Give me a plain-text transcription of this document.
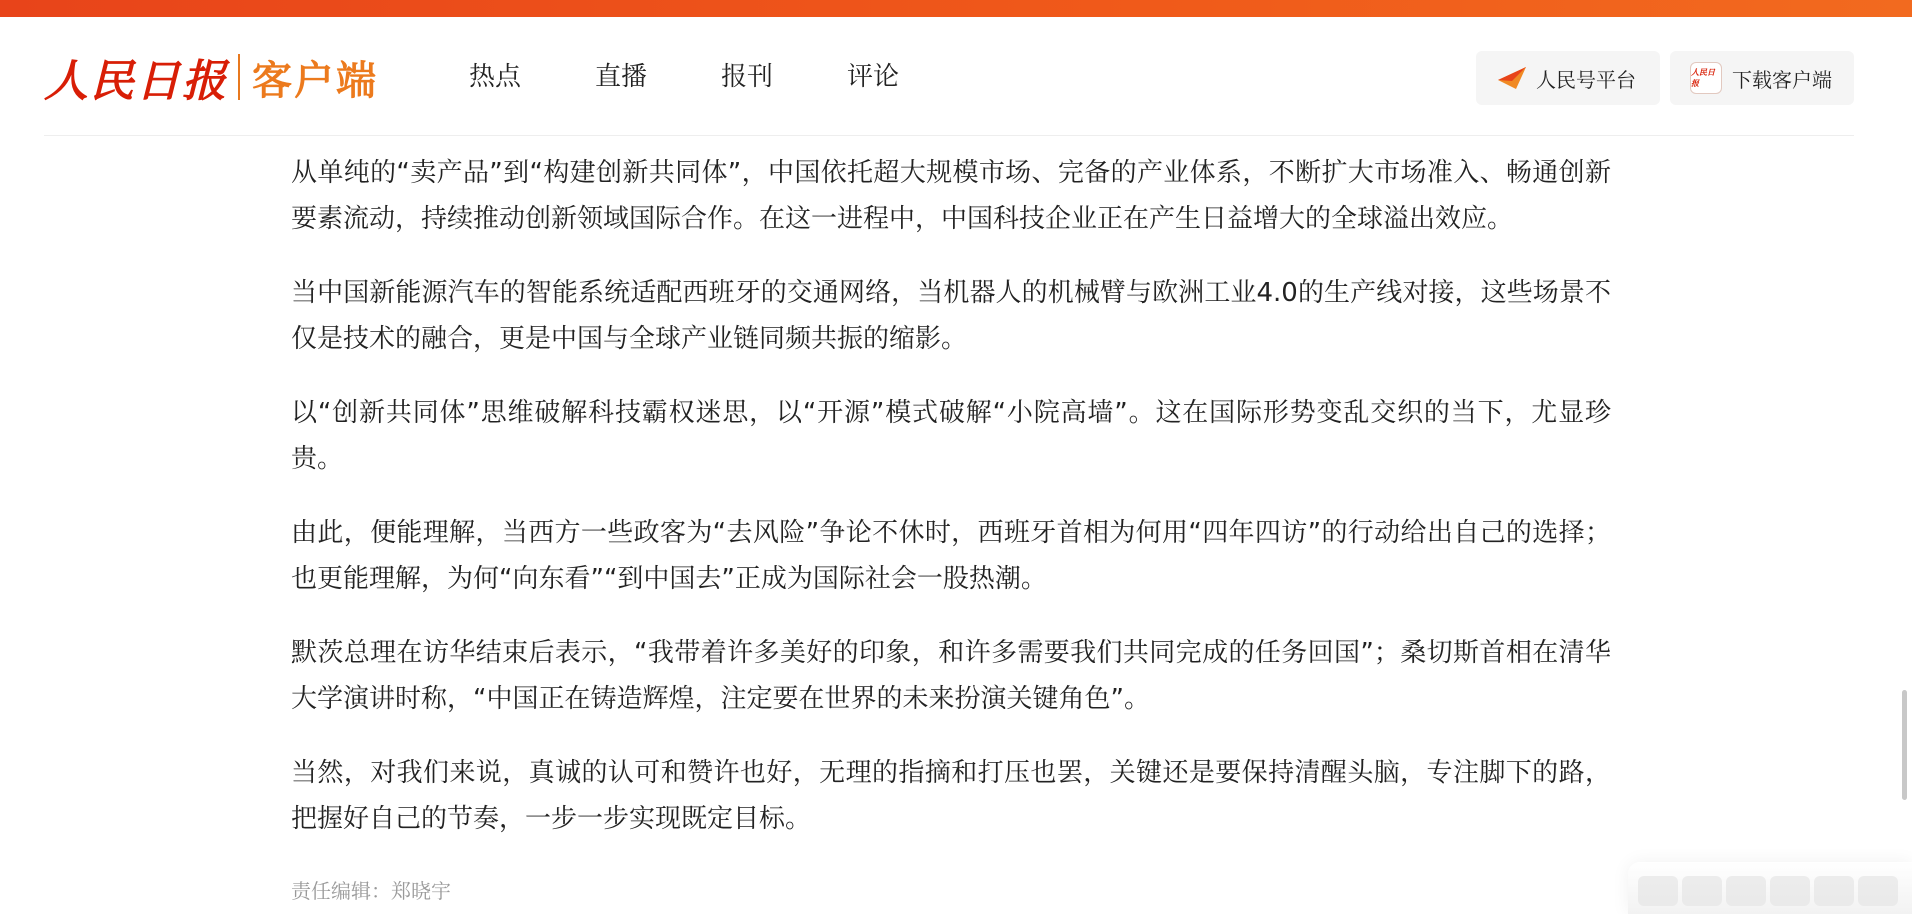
人民日报 客户端	热点	直播	报刊	评论	人民号平台	人民日报	下载客户端

从单纯的“卖产品”到“构建创新共同体”，中国依托超大规模市场、完备的产业体系，不断扩大市场准入、畅通创新要素流动，持续推动创新领域国际合作。在这一进程中，中国科技企业正在产生日益增大的全球溢出效应。

当中国新能源汽车的智能系统适配西班牙的交通网络，当机器人的机械臂与欧洲工业4.0的生产线对接，这些场景不仅是技术的融合，更是中国与全球产业链同频共振的缩影。

以“创新共同体”思维破解科技霸权迷思，以“开源”模式破解“小院高墙”。这在国际形势变乱交织的当下，尤显珍贵。

由此，便能理解，当西方一些政客为“去风险”争论不休时，西班牙首相为何用“四年四访”的行动给出自己的选择；也更能理解，为何“向东看”“到中国去”正成为国际社会一股热潮。

默茨总理在访华结束后表示，“我带着许多美好的印象，和许多需要我们共同完成的任务回国”；桑切斯首相在清华大学演讲时称，“中国正在铸造辉煌，注定要在世界的未来扮演关键角色”。

当然，对我们来说，真诚的认可和赞许也好，无理的指摘和打压也罢，关键还是要保持清醒头脑，专注脚下的路，把握好自己的节奏，一步一步实现既定目标。

责任编辑：郑晓宇
